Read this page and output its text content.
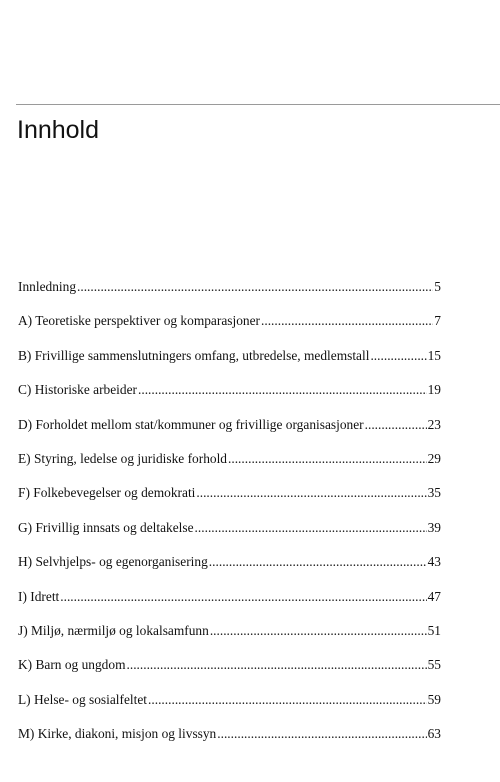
Innhold
Innledning .....	5
A) Teoretiske perspektiver og komparasjoner .....	7
B) Frivillige sammenslutningers omfang, utbredelse, medlemstall .....	15
C) Historiske arbeider .....	19
D) Forholdet mellom stat/kommuner og frivillige organisasjoner .....	23
E) Styring, ledelse og juridiske forhold .....	29
F) Folkebevegelser og demokrati .....	35
G) Frivillig innsats og deltakelse .....	39
H) Selvhjelps- og egenorganisering .....	43
I) Idrett .....	47
J) Miljø, nærmiljø og lokalsamfunn .....	51
K) Barn og ungdom .....	55
L) Helse- og sosialfeltet .....	59
M) Kirke, diakoni, misjon og livssyn .....	63
